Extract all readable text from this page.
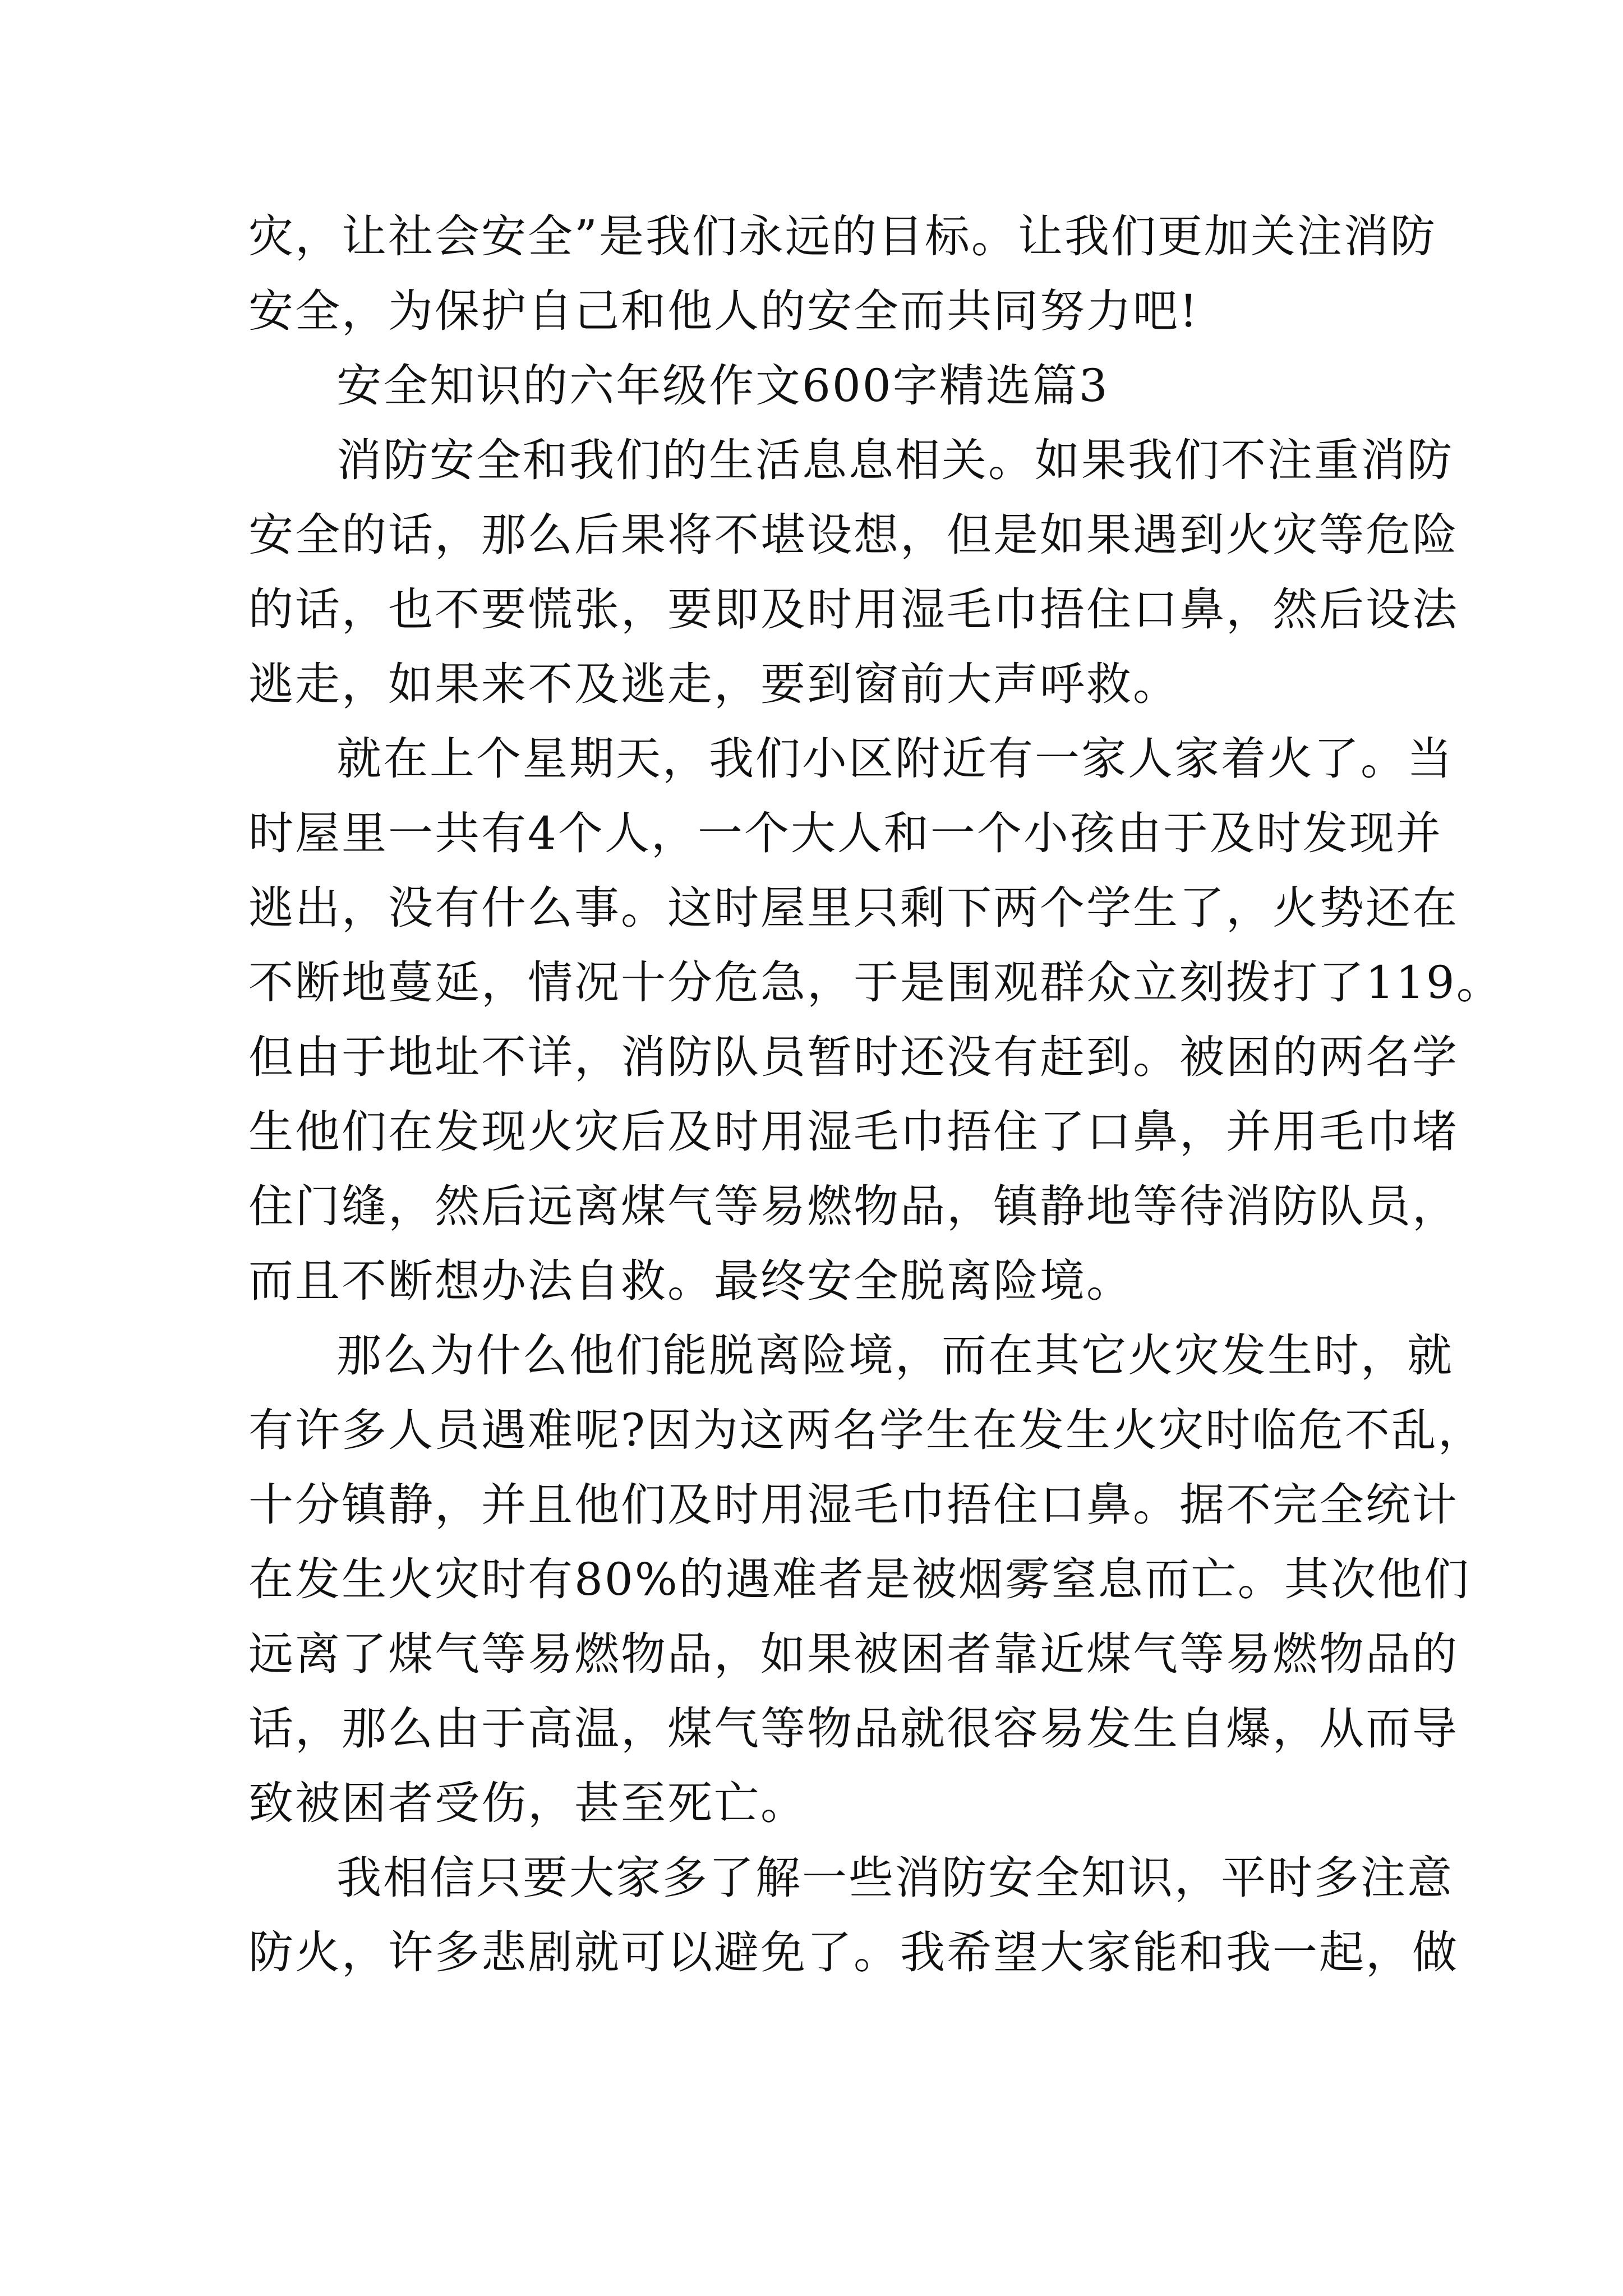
灾，让社会安全”是我们永远的目标。让我们更加关注消防

安全，为保护自己和他人的安全而共同努力吧!

安全知识的六年级作文600字精选篇3

消防安全和我们的生活息息相关。如果我们不注重消防

安全的话，那么后果将不堪设想，但是如果遇到火灾等危险

的话，也不要慌张，要即及时用湿毛巾捂住口鼻，然后设法

逃走，如果来不及逃走，要到窗前大声呼救。

就在上个星期天，我们小区附近有一家人家着火了。当

时屋里一共有4个人，一个大人和一个小孩由于及时发现并

逃出，没有什么事。这时屋里只剩下两个学生了，火势还在

不断地蔓延，情况十分危急，于是围观群众立刻拨打了119。

但由于地址不详，消防队员暂时还没有赶到。被困的两名学

生他们在发现火灾后及时用湿毛巾捂住了口鼻，并用毛巾堵

住门缝，然后远离煤气等易燃物品，镇静地等待消防队员，

而且不断想办法自救。最终安全脱离险境。

那么为什么他们能脱离险境，而在其它火灾发生时，就

有许多人员遇难呢?因为这两名学生在发生火灾时临危不乱，

十分镇静，并且他们及时用湿毛巾捂住口鼻。据不完全统计

在发生火灾时有80%的遇难者是被烟雾窒息而亡。其次他们

远离了煤气等易燃物品，如果被困者靠近煤气等易燃物品的

话，那么由于高温，煤气等物品就很容易发生自爆，从而导

致被困者受伤，甚至死亡。

我相信只要大家多了解一些消防安全知识，平时多注意

防火，许多悲剧就可以避免了。我希望大家能和我一起，做
